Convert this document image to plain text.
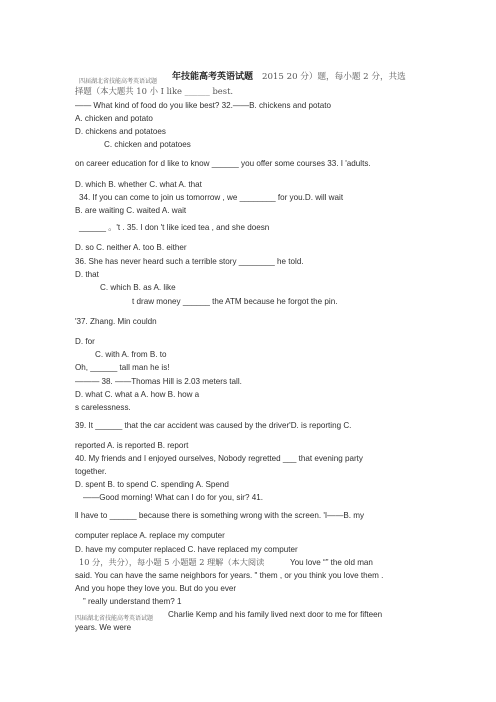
四届湖北省技能高考英语试题 年技能高考英语试题 2015 20 分）题，每小题 2 分，共选
择题（本大题共 10 小 I like ______ best.
—— What kind of food do you like best? 32.——B. chickens and potato
A. chicken and potato
D. chickens and potatoes
C. chicken and potatoes
on career education for d like to know ______ you offer some courses 33. I 'adults.
D. which B. whether C. what A. that
34. If you can come to join us tomorrow , we ________ for you.D. will wait
B. are waiting C. waited A. wait
______ 。't . 35. I don 't like iced tea , and she doesn
D. so C. neither A. too B. either
36. She has never heard such a terrible story ________ he told.
D. that
C. which B. as A. like
t draw money ______ the ATM because he forgot the pin.
'37. Zhang. Min couldn
D. for
C. with A. from B. to
Oh, ______ tall man he is!
——— 38. ——Thomas Hill is 2.03 meters tall.
D. what C. what a A. how B. how a
s carelessness.
39. It ______ that the car accident was caused by the driver'D. is reporting C.
reported A. is reported B. report
40. My friends and I enjoyed ourselves, Nobody regretted ___ that evening party
together.
D. spent B. to spend C. spending A. Spend
——Good morning! What can I do for you, sir? 41.
ll have to ______ because there is something wrong with the screen. 'I——B. my
computer replace A. replace my computer
D. have my computer replaced C. have replaced my computer
10 分，共分），每小题 5 小题题 2 理解（本大阅读	You love “” the old man
said. You can have the same neighbors for years. " them , or you think you love them .
And you hope they love you. But do you ever
” really understand them? 1
四届湖北省技能高考英语试题 Charlie Kemp and his family lived next door to me for fifteen
years. We were
